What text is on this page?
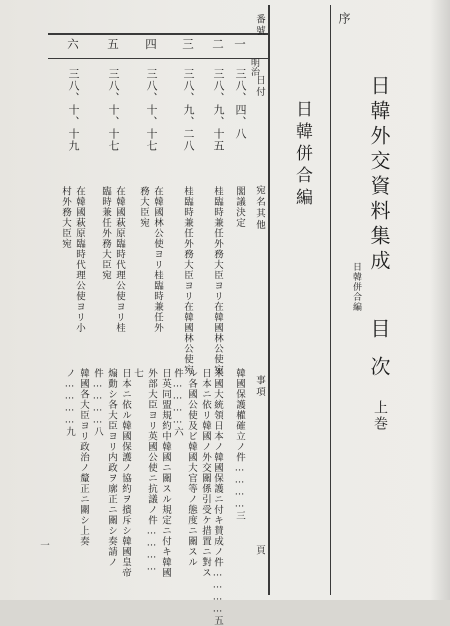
序
番號
日付
宛名其他
事項
頁
日韓外交資料集成
日韓併合編
目次
上巻
日韓併合編
一
明治
三八、四、八
閣議決定
韓國保護權確立ノ件…………三
二
三八、九、十五
桂臨時兼任外務大臣ヨリ在韓國林公使宛
米國大統領日本ノ韓國保護ニ付キ賛成ノ件…………五
三
三八、九、二八
桂臨時兼任外務大臣ヨリ在韓國林公使宛
日本ニ依リ韓國ノ外交關係引受ケ措置ニ對スル各國公使及ビ韓國大官等ノ態度ニ關スル件…………六
四
三八、十、十七
在韓國林公使ヨリ桂臨時兼任外務大臣宛
日英同盟規約中韓國ニ關スル規定ニ付キ韓國外部大臣ヨリ英國公使ニ抗議ノ件…………七
五
三八、十、十七
在韓國萩原臨時代理公使ヨリ桂臨時兼任外務大臣宛
日本ニ依ル韓國保護ノ協約ヲ擯斥シ韓國皇帝煽動シ各大臣ヨリ内政ヲ廓正ニ關シ奏請ノ件…………八
六
三八、十、十九
在韓國萩原臨時代理公使ヨリ小村外務大臣宛
韓國各大臣ヨリ政治ノ釐正ニ關シ上奏ノ…………九
一
